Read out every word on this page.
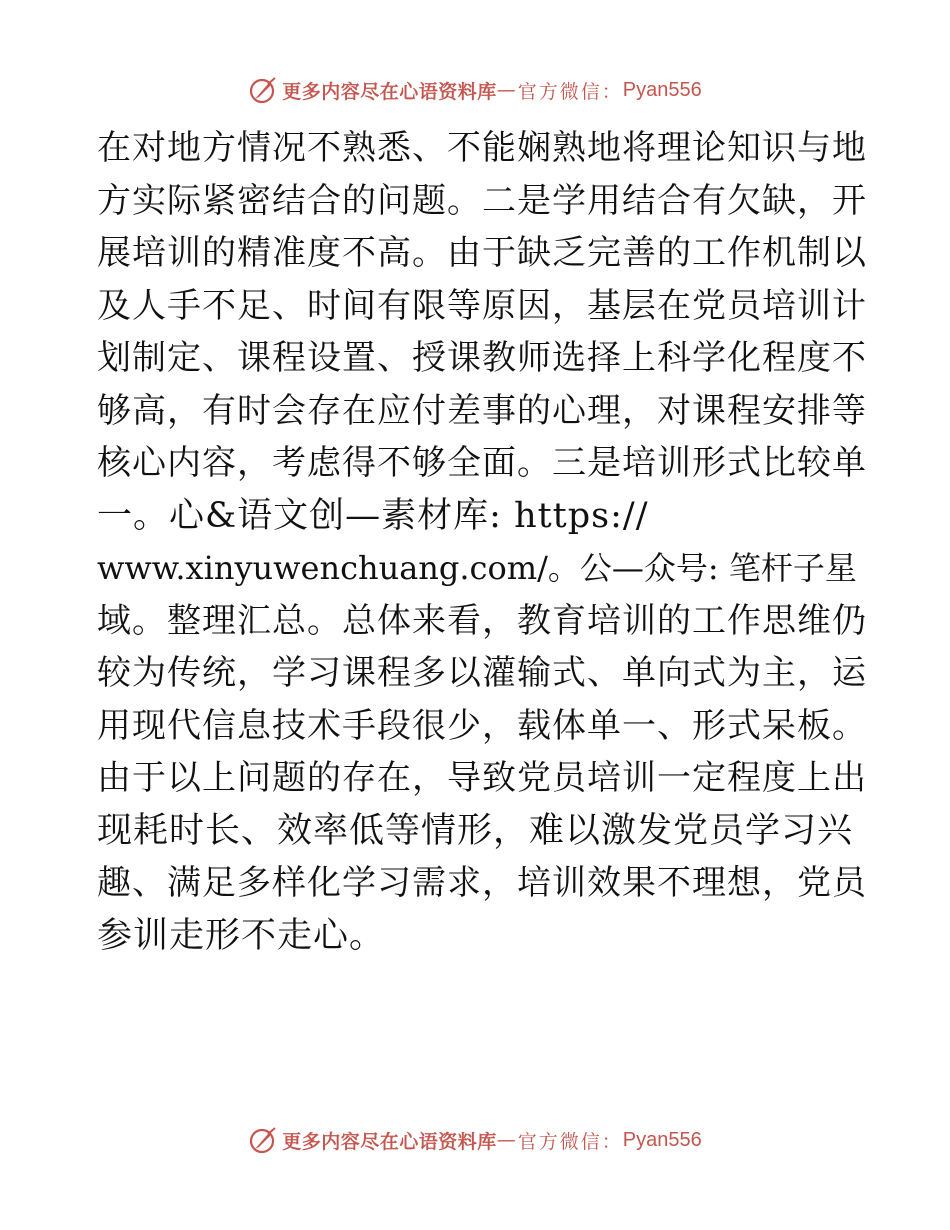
更多内容尽在心语资料库 — 官方微信： Pyan556
在对地方情况不熟悉、不能娴熟地将理论知识与地
方实际紧密结合的问题。二是学用结合有欠缺，开
展培训的精准度不高。由于缺乏完善的工作机制以
及人手不足、时间有限等原因，基层在党员培训计
划制定、课程设置、授课教师选择上科学化程度不
够高，有时会存在应付差事的心理，对课程安排等
核心内容，考虑得不够全面。三是培训形式比较单
一。心&语文创—素材库: https://
www.xinyuwenchuang.com/。公—众号: 笔杆子星
域。整理汇总。总体来看，教育培训的工作思维仍
较为传统，学习课程多以灌输式、单向式为主，运
用现代信息技术手段很少，载体单一、形式呆板。
由于以上问题的存在，导致党员培训一定程度上出
现耗时长、效率低等情形，难以激发党员学习兴
趣、满足多样化学习需求，培训效果不理想，党员
参训走形不走心。
更多内容尽在心语资料库 — 官方微信： Pyan556
